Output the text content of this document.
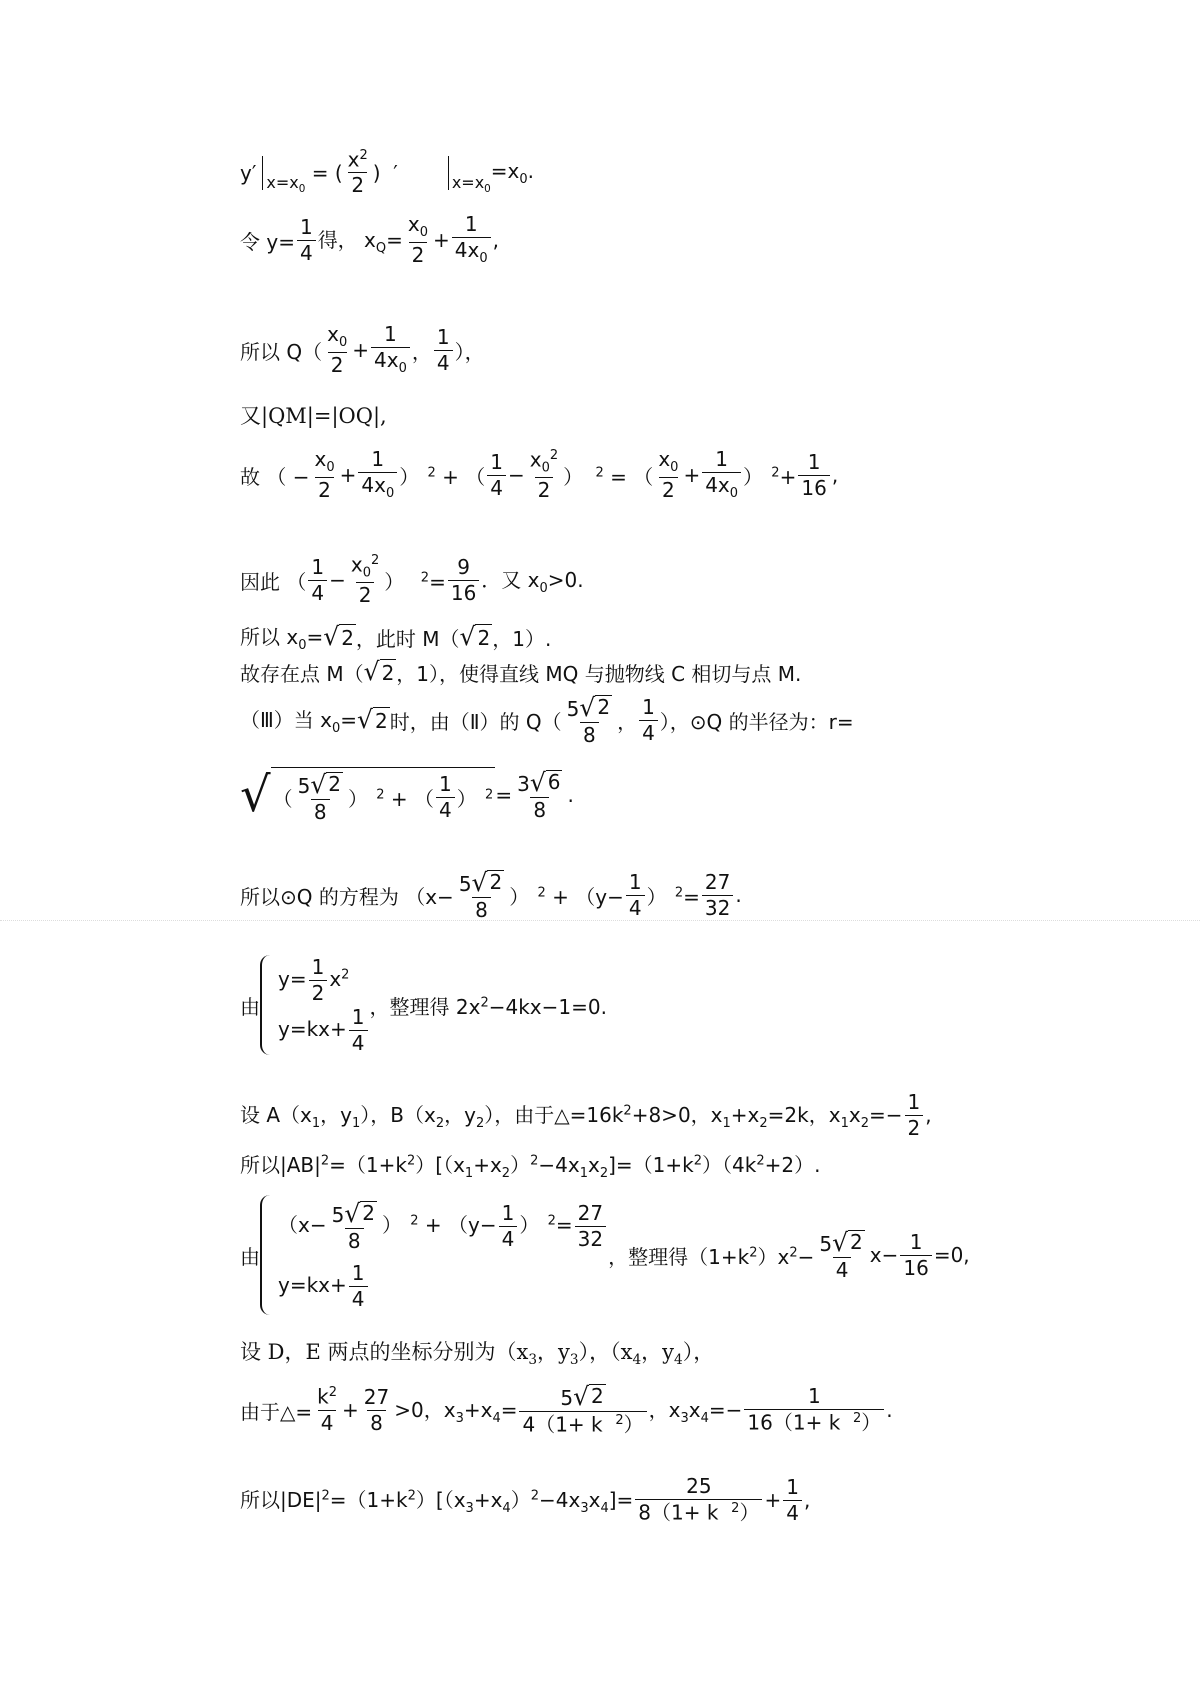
y′ $x=x_0$
= ( $\frac{x^2}{2}$ )  ′	$x=x_0$
$=x_0$.
令 $y= \frac{1}{4}$ 得， $x_Q= \frac{x_0}{2} + \frac{1}{4x_0}$ ,
所以 $Q( \frac{x_0}{2} + \frac{1}{4x_0}$ ， $\frac{1}{4}$ ），
又|QM|=|OQ|,
故 （ − $\frac{x_0}{2} + \frac{1}{4x_0}$ ）  $^2$ + （ $\frac{1}{4} - \frac{x_0^2}{2}$ ）   $^2$ = （ $\frac{x_0}{2} + \frac{1}{4x_0}$ ）  $^2+ \frac{1}{16}$ ,
因此 （ $\frac{1}{4} - \frac{x_0^2}{2}$ ）    $^2= \frac{9}{16}$ ．又 $x_0>0$.
所以 $x_0=$ √ 2 ，此时 M（ √ 2 ，1）.
故存在点 M（ √ 2 ，1），使得直线 MQ 与抛物线 C 相切与点 M.
（Ⅲ）当 $x_0=$ √ 2 时，由（Ⅱ）的 $Q( \frac{5 √ 2}{8}$ ， $\frac{1}{4}$ ），⊙Q 的半径为：r=
√ （ $\frac{5 √ 2}{8}$ ）  $^2$ + （ $\frac{1}{4}$ ）  $^2 = \frac{3 √ 6}{8}$ .
所以⊙Q 的方程为 （$x- \frac{5 √ 2}{8}$ ）  $^2 + (y- \frac{1}{4}$ ）  $^2= \frac{27}{32}$ .
由
$y= \frac{1}{2} x^2$
$y=kx+ \frac{1}{4}$ ，整理得 $2x^2-4kx-1=0$.
设 $A(x_1$，$y_1$），$B(x_2$，$y_2$），由于$\triangle=16k^2+8>0$，$x_1+x_2=2k$，$x_1x_2=- \frac{1}{2}$ ,
所以$|AB|^2=(1+k^2)[(x_1+x_2)^2-4x_1x_2]=(1+k^2)(4k^2+2)$.
由
（$x- \frac{5 √ 2}{8}$ ）  $^2 + (y- \frac{1}{4}$ ）  $^2= \frac{27}{32}$
$y=kx+ \frac{1}{4}$
，整理得$(1+k^2)x^2- \frac{5 √ 2}{4} x- \frac{1}{16} =0$,
设 D，E 两点的坐标分别为（$x_3$，$y_3$），（$x_4$，$y_4$），
由于△= $\frac{k^2}{4} + \frac{27}{8} >0$，$x_3+x_4= \frac{5 √ 2}{4(1+ k ^2)}$ ，$x_3x_4=- \frac{1}{16(1+ k ^2)}$ .
所以$|DE|^2=(1+k^2)[(x_3+x_4)^2-4x_3x_4]= \frac{25}{8(1+ k ^2)} + \frac{1}{4}$ ,
